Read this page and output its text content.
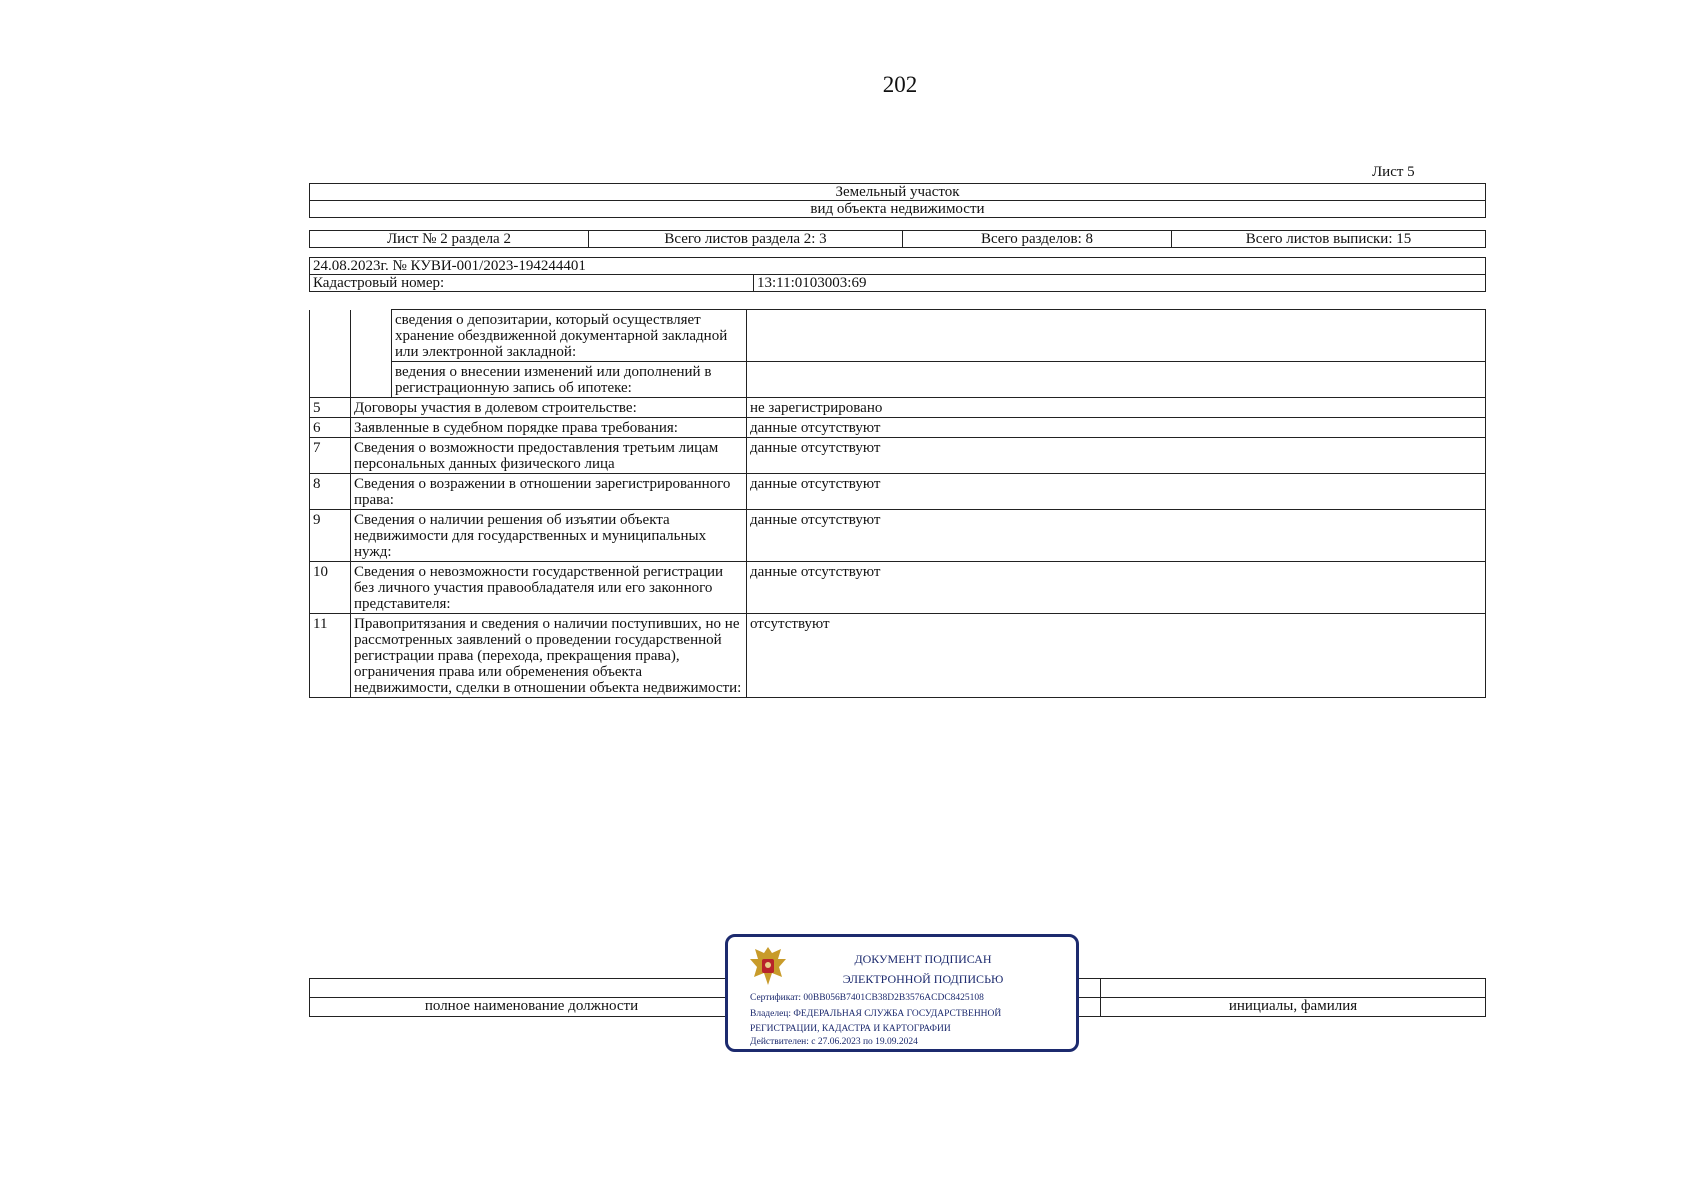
202
Лист 5
Земельный участок
вид объекта недвижимости
Лист № 2 раздела 2	Всего листов раздела 2: 3	Всего разделов: 8	Всего листов выписки: 15
24.08.2023г. № КУВИ-001/2023-194244401
Кадастровый номер:	13:11:0103003:69
		сведения о депозитарии, который осуществляет хранение обездвиженной документарной закладной или электронной закладной:	
		ведения о внесении изменений или дополнений в регистрационную запись об ипотеке:	
5	Договоры участия в долевом строительстве:		не зарегистрировано
6	Заявленные в судебном порядке права требования:		данные отсутствуют
7	Сведения о возможности предоставления третьим лицам персональных данных физического лица		данные отсутствуют
8	Сведения о возражении в отношении зарегистрированного права:		данные отсутствуют
9	Сведения о наличии решения об изъятии объекта недвижимости для государственных и муниципальных нужд:		данные отсутствуют
10	Сведения о невозможности государственной регистрации без личного участия правообладателя или его законного представителя:		данные отсутствуют
11	Правопритязания и сведения о наличии поступивших, но не рассмотренных заявлений о проведении государственной регистрации права (перехода, прекращения права), ограничения права или обременения объекта недвижимости, сделки в отношении объекта недвижимости:		отсутствуют

полное наименование должности		инициалы, фамилия
ДОКУМЕНТ ПОДПИСАН
ЭЛЕКТРОННОЙ ПОДПИСЬЮ
Сертификат: 00BB056B7401CB38D2B3576ACDC8425108
Владелец: ФЕДЕРАЛЬНАЯ СЛУЖБА ГОСУДАРСТВЕННОЙ
РЕГИСТРАЦИИ, КАДАСТРА И КАРТОГРАФИИ
Действителен: с 27.06.2023 по 19.09.2024
